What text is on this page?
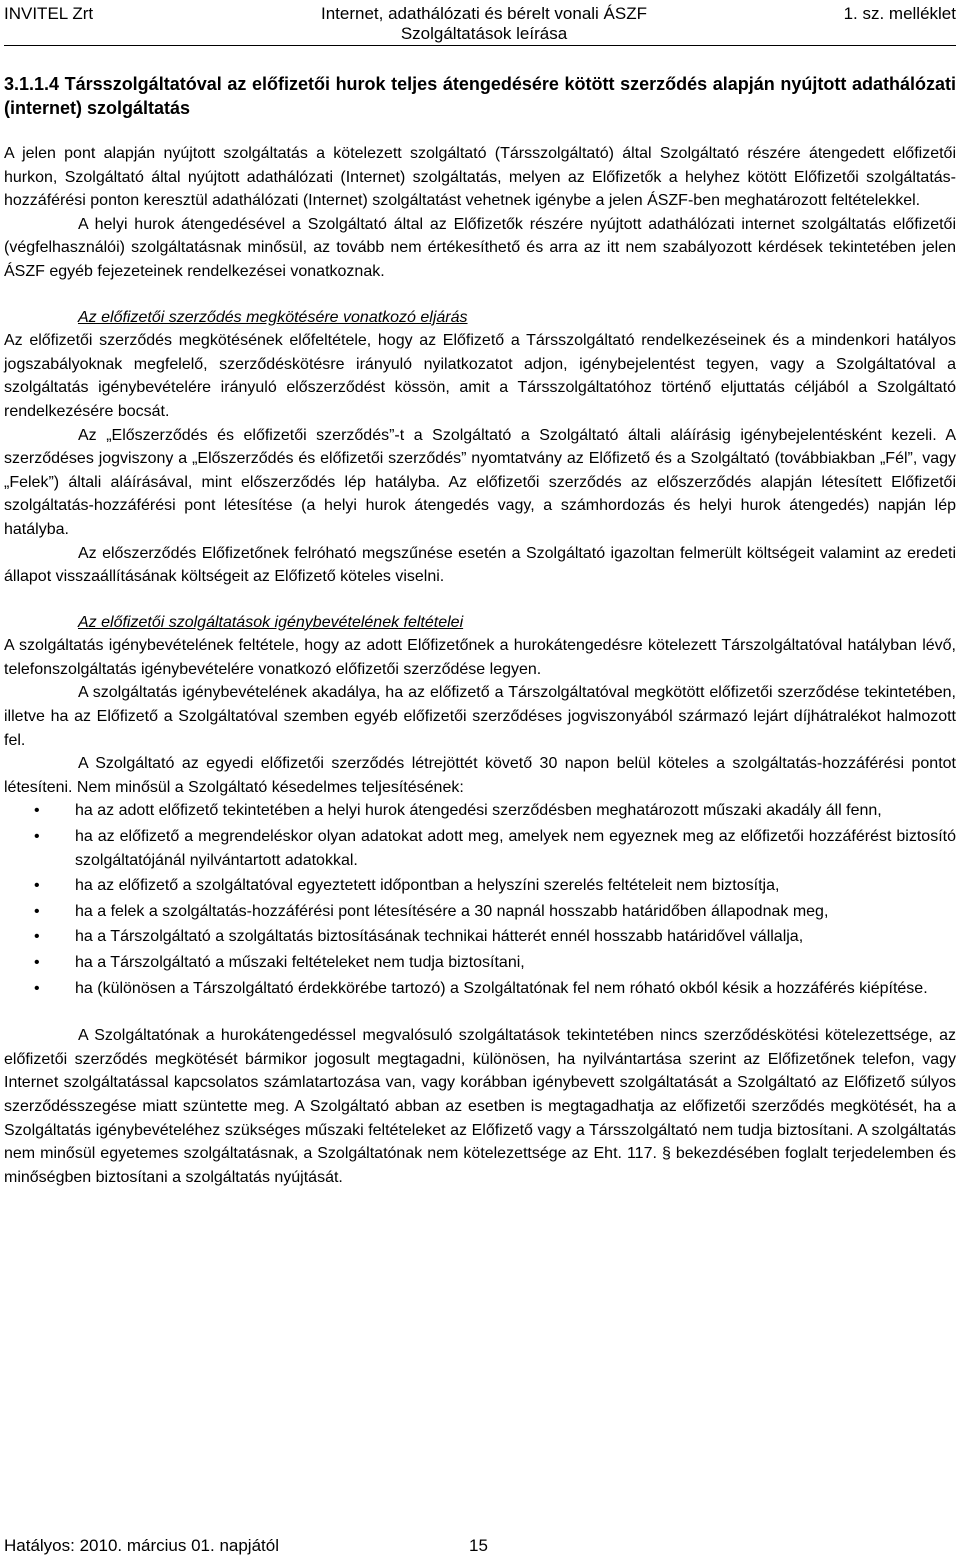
INVITEL Zrt	Internet, adathálózati és bérelt vonali ÁSZF
Szolgáltatások leírása
1. sz. melléklet

3.1.1.4 Társszolgáltatóval az előfizetői hurok teljes átengedésére kötött szerződés alapján nyújtott adathálózati (internet) szolgáltatás

A jelen pont alapján nyújtott szolgáltatás a kötelezett szolgáltató (Társszolgáltató) által Szolgáltató részére átengedett előfizetői hurkon, Szolgáltató által nyújtott adathálózati (Internet) szolgáltatás, melyen az Előfizetők a helyhez kötött Előfizetői szolgáltatás-hozzáférési ponton keresztül adathálózati (Internet) szolgáltatást vehetnek igénybe a jelen ÁSZF-ben meghatározott feltételekkel.

A helyi hurok átengedésével a Szolgáltató által az Előfizetők részére nyújtott adathálózati internet szolgáltatás előfizetői (végfelhasználói) szolgáltatásnak minősül, az tovább nem értékesíthető és arra az itt nem szabályozott kérdések tekintetében jelen ÁSZF egyéb fejezeteinek rendelkezései vonatkoznak.

Az előfizetői szerződés megkötésére vonatkozó eljárás

Az előfizetői szerződés megkötésének előfeltétele, hogy az Előfizető a Társszolgáltató rendelkezéseinek és a mindenkori hatályos jogszabályoknak megfelelő, szerződéskötésre irányuló nyilatkozatot adjon, igénybejelentést tegyen, vagy a Szolgáltatóval a szolgáltatás igénybevételére irányuló előszerződést kössön, amit a Társszolgáltatóhoz történő eljuttatás céljából a Szolgáltató rendelkezésére bocsát.

Az „Előszerződés és előfizetői szerződés”-t a Szolgáltató a Szolgáltató általi aláírásig igénybejelentésként kezeli. A szerződéses jogviszony a „Előszerződés és előfizetői szerződés” nyomtatvány az Előfizető és a Szolgáltató (továbbiakban „Fél”, vagy „Felek”) általi aláírásával, mint előszerződés lép hatályba. Az előfizetői szerződés az előszerződés alapján létesített Előfizetői szolgáltatás-hozzáférési pont létesítése (a helyi hurok átengedés vagy, a számhordozás és helyi hurok átengedés) napján lép hatályba.

Az előszerződés Előfizetőnek felróható megszűnése esetén a Szolgáltató igazoltan felmerült költségeit valamint az eredeti állapot visszaállításának költségeit az Előfizető köteles viselni.

Az előfizetői szolgáltatások igénybevételének feltételei

A szolgáltatás igénybevételének feltétele, hogy az adott Előfizetőnek a hurokátengedésre kötelezett Társzolgáltatóval hatályban lévő, telefonszolgáltatás igénybevételére vonatkozó előfizetői szerződése legyen.

A szolgáltatás igénybevételének akadálya, ha az előfizető a Társzolgáltatóval megkötött előfizetői szerződése tekintetében, illetve ha az Előfizető a Szolgáltatóval szemben egyéb előfizetői szerződéses jogviszonyából származó lejárt díjhátralékot halmozott fel.

A Szolgáltató az egyedi előfizetői szerződés létrejöttét követő 30 napon belül köteles a szolgáltatás-hozzáférési pontot létesíteni. Nem minősül a Szolgáltató késedelmes teljesítésének:

• ha az adott előfizető tekintetében a helyi hurok átengedési szerződésben meghatározott műszaki akadály áll fenn,
• ha az előfizető a megrendeléskor olyan adatokat adott meg, amelyek nem egyeznek meg az előfizetői hozzáférést biztosító szolgáltatójánál nyilvántartott adatokkal.
• ha az előfizető a szolgáltatóval egyeztetett időpontban a helyszíni szerelés feltételeit nem biztosítja,
• ha a felek a szolgáltatás-hozzáférési pont létesítésére a 30 napnál hosszabb határidőben állapodnak meg,
• ha a Társzolgáltató a szolgáltatás biztosításának technikai hátterét ennél hosszabb határidővel vállalja,
• ha a Társzolgáltató a műszaki feltételeket nem tudja biztosítani,
• ha (különösen a Társzolgáltató érdekkörébe tartozó) a Szolgáltatónak fel nem róható okból késik a hozzáférés kiépítése.

A Szolgáltatónak a hurokátengedéssel megvalósuló szolgáltatások tekintetében nincs szerződéskötési kötelezettsége, az előfizetői szerződés megkötését bármikor jogosult megtagadni, különösen, ha nyilvántartása szerint az Előfizetőnek telefon, vagy Internet szolgáltatással kapcsolatos számlatartozása van, vagy korábban igénybevett szolgáltatását a Szolgáltató az Előfizető súlyos szerződésszegése miatt szüntette meg. A Szolgáltató abban az esetben is megtagadhatja az előfizetői szerződés megkötését, ha a Szolgáltatás igénybevételéhez szükséges műszaki feltételeket az Előfizető vagy a Társszolgáltató nem tudja biztosítani. A szolgáltatás nem minősül egyetemes szolgáltatásnak, a Szolgáltatónak nem kötelezettsége az Eht. 117. § bekezdésében foglalt terjedelemben és minőségben biztosítani a szolgáltatás nyújtását.

Hatályos: 2010. március 01. napjától	15
